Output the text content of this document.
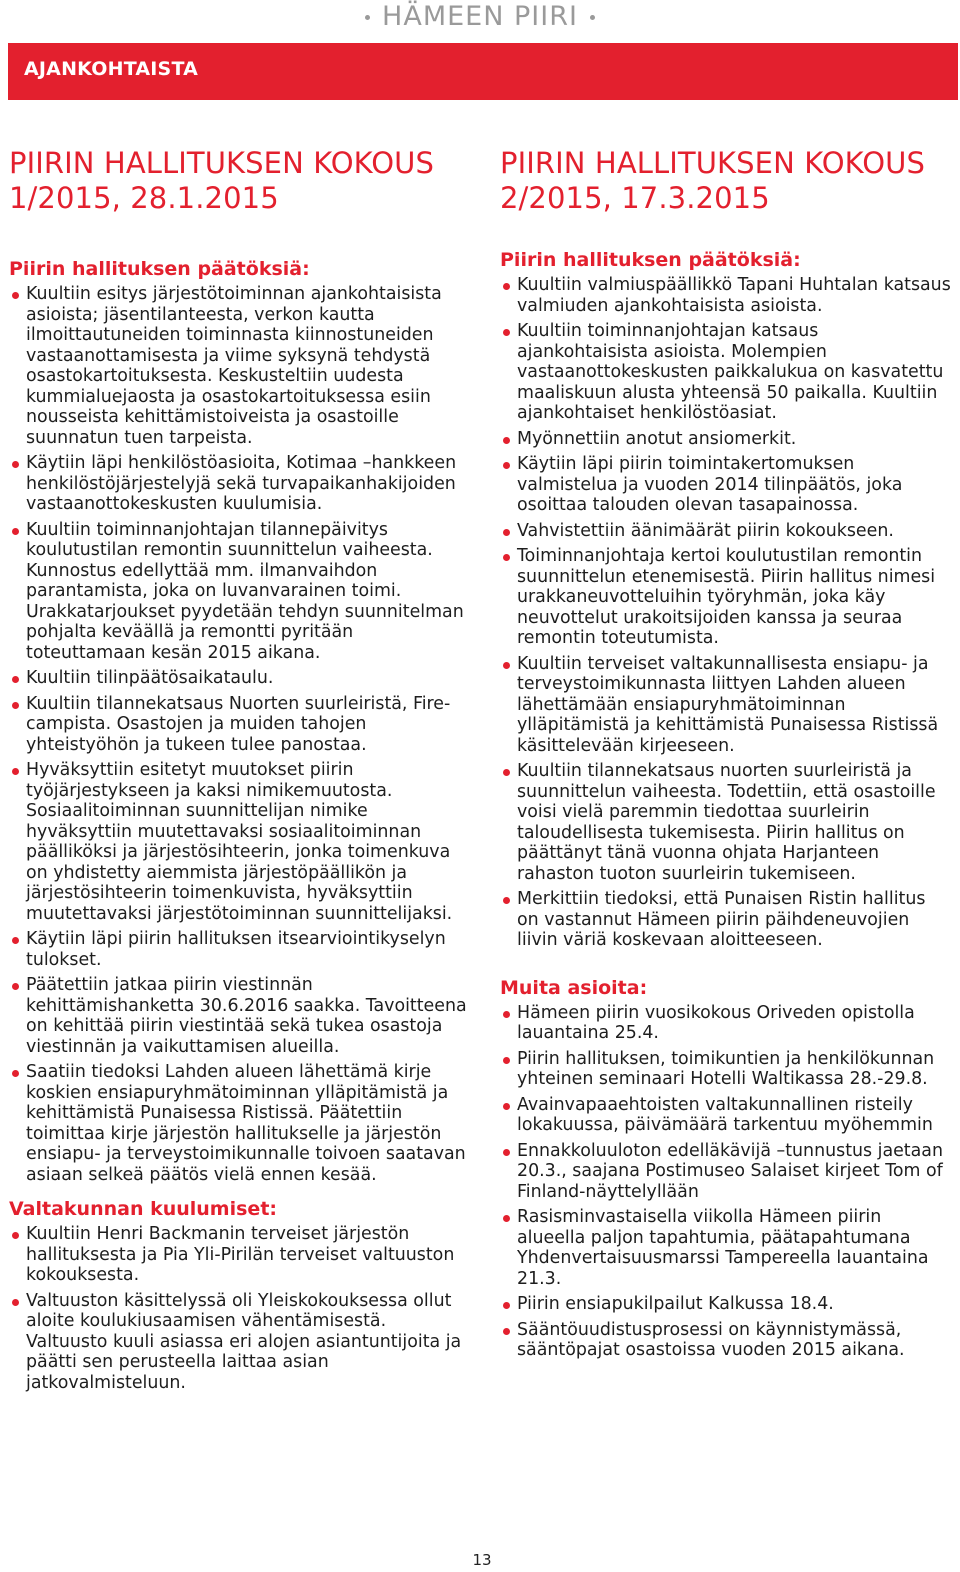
HÄMEEN PIIRI
AJANKOHTAISTA
PIIRIN HALLITUKSEN KOKOUS
1/2015, 28.1.2015
Piirin hallituksen päätöksiä:
Kuultiin esitys järjestötoiminnan ajankohtaisista asioista; jäsentilanteesta, verkon kautta ilmoittautuneiden toiminnasta kiinnostuneiden vastaanottamisesta ja viime syksynä tehdystä osastokartoituksesta. Keskusteltiin uudesta kummialuejaosta ja osastokartoituksessa esiin nousseista kehittämistoiveista ja osastoille suunnatun tuen tarpeista.
Käytiin läpi henkilöstöasioita, Kotimaa –hankkeen henkilöstöjärjestelyjä sekä turvapaikanhakijoiden vastaanottokeskusten kuulumisia.
Kuultiin toiminnanjohtajan tilannepäivitys koulutustilan remontin suunnittelun vaiheesta. Kunnostus edellyttää mm. ilmanvaihdon parantamista, joka on luvanvarainen toimi. Urakkatarjoukset pyydetään tehdyn suunnitelman pohjalta keväällä ja remontti pyritään toteuttamaan kesän 2015 aikana.
Kuultiin tilinpäätösaikataulu.
Kuultiin tilannekatsaus Nuorten suurleiristä, Fire-campista. Osastojen ja muiden tahojen yhteistyöhön ja tukeen tulee panostaa.
Hyväksyttiin esitetyt muutokset piirin työjärjestykseen ja kaksi nimikemuutosta. Sosiaalitoiminnan suunnittelijan nimike hyväksyttiin muutettavaksi sosiaalitoiminnan päälliköksi ja järjestösihteerin, jonka toimenkuva on yhdistetty aiemmista järjestöpäällikön ja järjestösihteerin toimenkuvista, hyväksyttiin muutettavaksi järjestötoiminnan suunnittelijaksi.
Käytiin läpi piirin hallituksen itsearviointikyselyn tulokset.
Päätettiin jatkaa piirin viestinnän kehittämishanketta 30.6.2016 saakka. Tavoitteena on kehittää piirin viestintää sekä tukea osastoja viestinnän ja vaikuttamisen alueilla.
Saatiin tiedoksi Lahden alueen lähettämä kirje koskien ensiapuryhmätoiminnan ylläpitämistä ja kehittämistä Punaisessa Ristissä. Päätettiin toimittaa kirje järjestön hallitukselle ja järjestön ensiapu- ja terveystoimikunnalle toivoen saatavan asiaan selkeä päätös vielä ennen kesää.
Valtakunnan kuulumiset:
Kuultiin Henri Backmanin terveiset järjestön hallituksesta ja Pia Yli-Pirilän terveiset valtuuston kokouksesta.
Valtuuston käsittelyssä oli Yleiskokouksessa ollut aloite koulukiusaamisen vähentämisestä. Valtuusto kuuli asiassa eri alojen asiantuntijoita ja päätti sen perusteella laittaa asian jatkovalmisteluun.
PIIRIN HALLITUKSEN KOKOUS
2/2015, 17.3.2015
Piirin hallituksen päätöksiä:
Kuultiin valmiuspäällikkö Tapani Huhtalan katsaus valmiuden ajankohtaisista asioista.
Kuultiin toiminnanjohtajan katsaus ajankohtaisista asioista. Molempien vastaanottokeskusten paikkalukua on kasvatettu maaliskuun alusta yhteensä 50 paikalla. Kuultiin ajankohtaiset henkilöstöasiat.
Myönnettiin anotut ansiomerkit.
Käytiin läpi piirin toimintakertomuksen valmistelua ja vuoden 2014 tilinpäätös, joka osoittaa talouden olevan tasapainossa.
Vahvistettiin äänimäärät piirin kokoukseen.
Toiminnanjohtaja kertoi koulutustilan remontin suunnittelun etenemisestä. Piirin hallitus nimesi urakkaneuvotteluihin työryhmän, joka käy neuvottelut urakoitsijoiden kanssa ja seuraa remontin toteutumista.
Kuultiin terveiset valtakunnallisesta ensiapu- ja terveystoimikunnasta liittyen Lahden alueen lähettämään ensiapuryhmätoiminnan ylläpitämistä ja kehittämistä Punaisessa Ristissä käsittelevään kirjeeseen.
Kuultiin tilannekatsaus nuorten suurleiristä ja suunnittelun vaiheesta. Todettiin, että osastoille voisi vielä paremmin tiedottaa suurleirin taloudellisesta tukemisesta. Piirin hallitus on päättänyt tänä vuonna ohjata Harjanteen rahaston tuoton suurleirin tukemiseen.
Merkittiin tiedoksi, että Punaisen Ristin hallitus on vastannut Hämeen piirin päihdeneuvojien liivin väriä koskevaan aloitteeseen.
Muita asioita:
Hämeen piirin vuosikokous Oriveden opistolla lauantaina 25.4.
Piirin hallituksen, toimikuntien ja henkilökunnan yhteinen seminaari Hotelli Waltikassa 28.-29.8.
Avainvapaaehtoisten valtakunnallinen risteily lokakuussa, päivämäärä tarkentuu myöhemmin
Ennakkoluuloton edelläkävijä –tunnustus jaetaan 20.3., saajana Postimuseo Salaiset kirjeet Tom of Finland-näyttelyllään
Rasisminvastaisella viikolla Hämeen piirin alueella paljon tapahtumia, päätapahtumana Yhdenvertaisuusmarssi Tampereella lauantaina 21.3.
Piirin ensiapukilpailut Kalkussa 18.4.
Sääntöuudistusprosessi on käynnistymässä, sääntöpajat osastoissa vuoden 2015 aikana.
13
